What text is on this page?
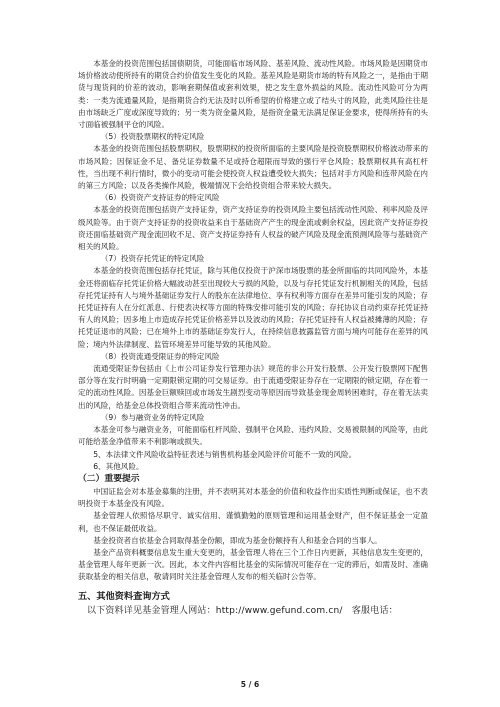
本基金的投资范围包括国债期货，可能面临市场风险、基差风险、流动性风险。市场风险是因期货市场价格波动使所持有的期货合约价值发生变化的风险。基差风险是期货市场的特有风险之一，是指由于期货与现货间的价差的波动，影响套期保值或套利效果，使之发生意外损益的风险。流动性风险可分为两类：一类为流通量风险，是指期货合约无法及时以所希望的价格建立或了结头寸的风险，此类风险往往是由市场缺乏广度或深度导致的；另一类为资金量风险，是指资金量无法满足保证金要求，使得所持有的头寸面临被强制平仓的风险。

（5）投资股票期权的特定风险

本基金的投资范围包括股票期权，股票期权的投资所面临的主要风险是投资股票期权价格波动带来的市场风险；因保证金不足、备兑证券数量不足或持仓超限而导致的强行平仓风险；股票期权具有高杠杆性，当出现不利行情时，微小的变动可能会使投资人权益遭受较大损失；包括对手方风险和连带风险在内的第三方风险；以及各类操作风险，极端情况下会给投资组合带来较大损失。

（6）投资资产支持证券的特定风险

本基金的投资范围包括资产支持证券，资产支持证券的投资风险主要包括流动性风险、利率风险及评级风险等。由于资产支持证券的投资收益来自于基础资产产生的现金流或剩余权益，因此资产支持证券投资还面临基础资产现金流回收不足、资产支持证券持有人权益的破产风险及现金流预测风险等与基础资产相关的风险。

（7）投资存托凭证的特定风险

本基金的投资范围包括存托凭证，除与其他仅投资于沪深市场股票的基金所面临的共同风险外，本基金还将面临存托凭证价格大幅波动甚至出现较大亏损的风险，以及与存托凭证发行机制相关的风险，包括存托凭证持有人与境外基础证券发行人的股东在法律地位、享有权利等方面存在差异可能引发的风险；存托凭证持有人在分红派息、行使表决权等方面的特殊安排可能引发的风险；存托协议自动约束存托凭证持有人的风险；因多地上市造成存托凭证价格差异以及波动的风险；存托凭证持有人权益被摊薄的风险；存托凭证退市的风险；已在境外上市的基础证券发行人，在持续信息披露监管方面与境内可能存在差异的风险；境内外法律制度、监管环境差异可能导致的其他风险。

（8）投资流通受限证券的特定风险

流通受限证券包括由《上市公司证券发行管理办法》规范的非公开发行股票、公开发行股票网下配售部分等在发行时明确一定期限锁定期的可交易证券。由于流通受限证券存在一定期限的锁定期，存在着一定的流动性风险。因基金巨额赎回或市场发生剧烈变动等原因而导致基金现金周转困难时，存在着无法卖出的风险，给基金总体投资组合带来流动性冲击。

（9）参与融资业务的特定风险

本基金可参与融资业务，可能面临杠杆风险、强制平仓风险、违约风险、交易被限制的风险等，由此可能给基金净值带来不利影响或损失。

5、本法律文件风险收益特征表述与销售机构基金风险评价可能不一致的风险。

6、其他风险。

（二）重要提示

中国证监会对本基金募集的注册，并不表明其对本基金的价值和收益作出实质性判断或保证，也不表明投资于本基金没有风险。

基金管理人依照恪尽职守、诚实信用、谨慎勤勉的原则管理和运用基金财产，但不保证基金一定盈利，也不保证最低收益。

基金投资者自依基金合同取得基金份额，即成为基金份额持有人和基金合同的当事人。

基金产品资料概要信息发生重大变更的，基金管理人将在三个工作日内更新，其他信息发生变更的，基金管理人每年更新一次。因此，本文件内容相比基金的实际情况可能存在一定的滞后，如需及时、准确获取基金的相关信息，敬请同时关注基金管理人发布的相关临时公告等。

五、其他资料查询方式

以下资料详见基金管理人网站：http://www.gefund.com.cn/　客服电话：

5 / 6
